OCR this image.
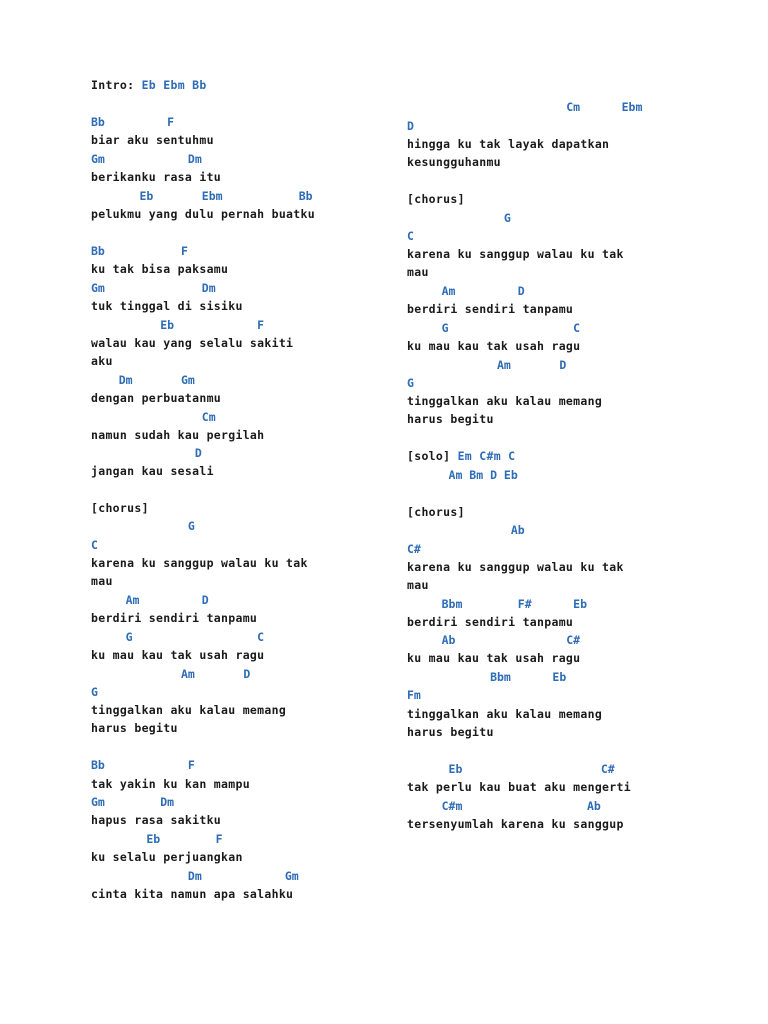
Intro: Eb Ebm Bb
Bb         F
biar aku sentuhmu
Gm            Dm
berikanku rasa itu
Eb       Ebm           Bb
pelukmu yang dulu pernah buatku
Bb           F
ku tak bisa paksamu
Gm              Dm
tuk tinggal di sisiku
Eb            F
walau kau yang selalu sakiti
aku
Dm       Gm
dengan perbuatanmu
Cm
namun sudah kau pergilah
D
jangan kau sesali
[chorus]
G
C
karena ku sanggup walau ku tak
mau
Am         D
berdiri sendiri tanpamu
G                  C
ku mau kau tak usah ragu
Am       D
G
tinggalkan aku kalau memang
harus begitu
Bb            F
tak yakin ku kan mampu
Gm        Dm
hapus rasa sakitku
Eb        F
ku selalu perjuangkan
Dm            Gm
cinta kita namun apa salahku
Cm      Ebm
D
hingga ku tak layak dapatkan
kesungguhanmu
[chorus]
G
C
karena ku sanggup walau ku tak
mau
Am         D
berdiri sendiri tanpamu
G                  C
ku mau kau tak usah ragu
Am       D
G
tinggalkan aku kalau memang
harus begitu
[solo] Em C#m C
Am Bm D Eb
[chorus]
Ab
C#
karena ku sanggup walau ku tak
mau
Bbm        F#      Eb
berdiri sendiri tanpamu
Ab                C#
ku mau kau tak usah ragu
Bbm      Eb
Fm
tinggalkan aku kalau memang
harus begitu
Eb                    C#
tak perlu kau buat aku mengerti
C#m                  Ab
tersenyumlah karena ku sanggup
